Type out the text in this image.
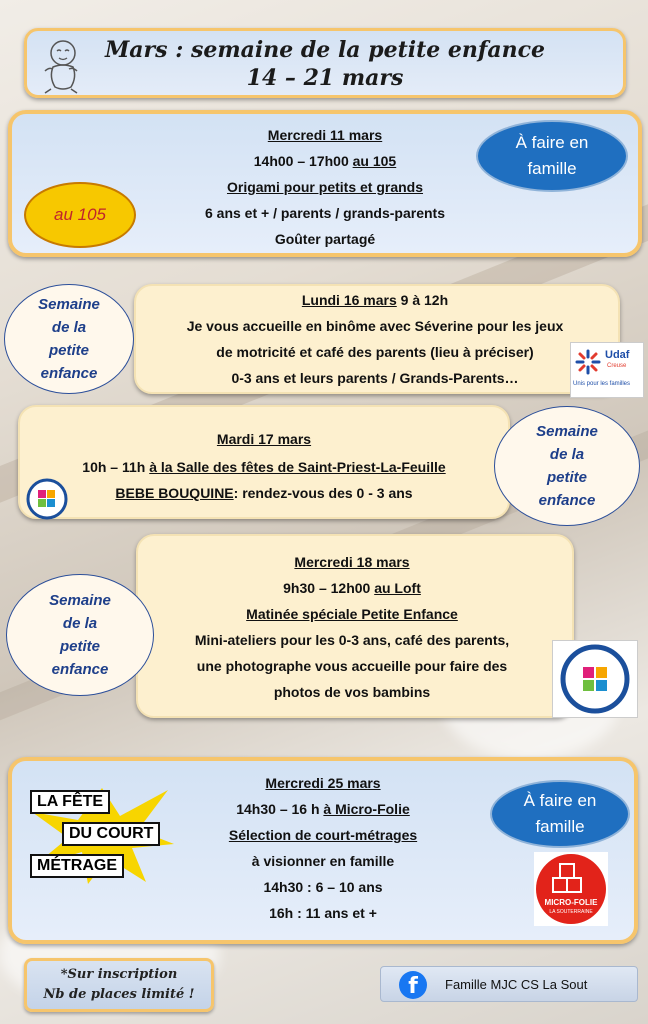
Mars : semaine de la petite enfance
14 – 21 mars
Mercredi 11 mars
14h00 – 17h00 au 105
Origami pour petits et grands
6 ans et + / parents / grands-parents
Goûter partagé
À faire en
famille
au 105
Lundi 16 mars 9 à 12h
Je vous accueille en binôme avec Séverine pour les jeux
de motricité et café des parents (lieu à préciser)
0-3 ans et leurs parents / Grands-Parents…
Semaine
de la
petite
enfance
Udaf
Creuse
Unis pour les familles
Mardi 17 mars
10h – 11h à la Salle des fêtes de Saint-Priest-La-Feuille
BEBE BOUQUINE: rendez-vous des 0 - 3 ans
Semaine
de la
petite
enfance
Mercredi 18 mars
9h30 – 12h00 au Loft
Matinée spéciale Petite Enfance
Mini-ateliers pour les 0-3 ans, café des parents,
une photographe vous accueille pour faire des
photos de vos bambins
Semaine
de la
petite
enfance
Mercredi 25 mars
14h30 – 16 h à Micro-Folie
Sélection de court-métrages
à visionner en famille
14h30 : 6 – 10 ans
16h : 11 ans et +
LA FÊTE
DU COURT
MÉTRAGE
À faire en
famille
MICRO-FOLIE
LA SOUTERRAINE
*Sur inscription
Nb de places limité !	f	Famille MJC CS La Sout
